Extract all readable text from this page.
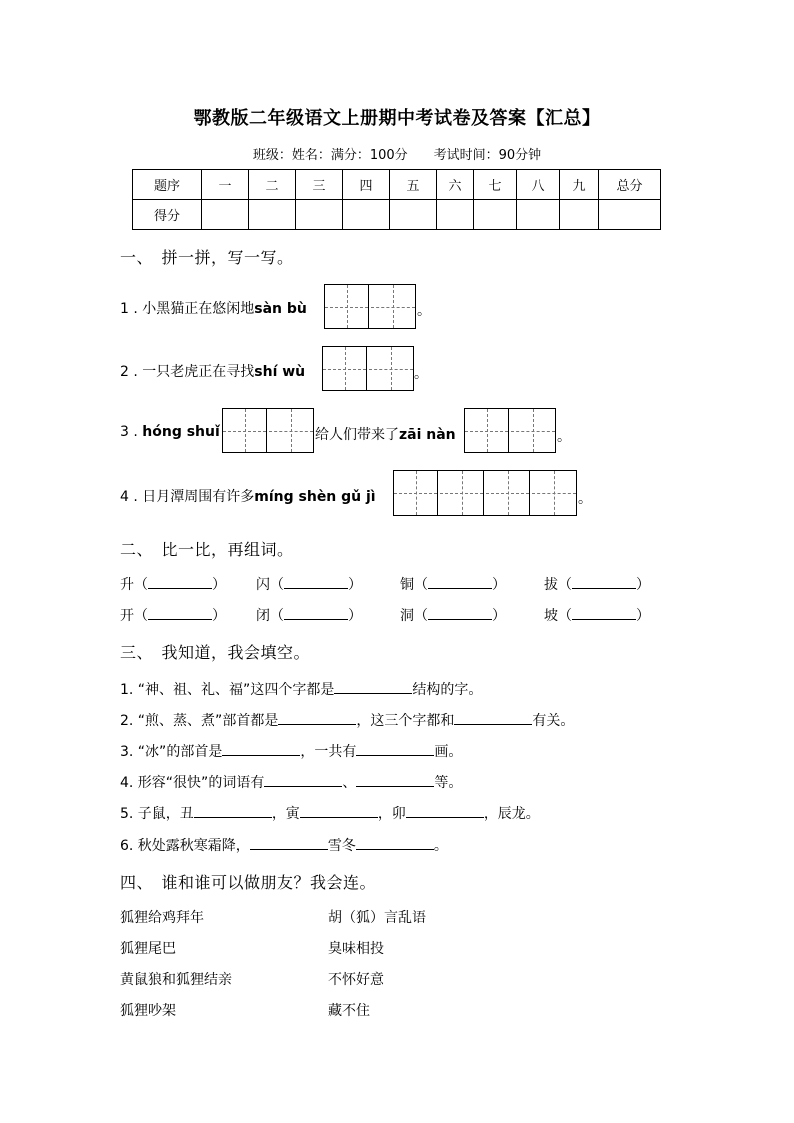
鄂教版二年级语文上册期中考试卷及答案【汇总】
班级：姓名：满分：100分　　考试时间：90分钟
题序	一	二	三	四	五	六	七	八	九	总分
得分										
一、　拼一拼，写一写。
1 . 小黑猫正在悠闲地sàn bù	。
2 . 一只老虎正在寻找shí wù	。
3 . hóng shuǐ	给人们带来了zāi nàn	。
4 . 日月潭周围有许多míng shèn gǔ jì	。
二、　比一比，再组词。
升（	） 闪（	）	铜（	）	拔（	）
开（	） 闭（	）	洞（	）	坡（	）
三、　我知道，我会填空。
1. “神、祖、礼、福”这四个字都是	结构的字。
2. “煎、蒸、煮”部首都是	，这三个字都和	有关。
3. “冰”的部首是	，一共有	画。
4. 形容“很快”的词语有	、	等。
5. 子鼠，丑	，寅	，卯	，辰龙。
6. 秋处露秋寒霜降，	雪冬	。
四、　谁和谁可以做朋友？我会连。
狐狸给鸡拜年
狐狸尾巴
黄鼠狼和狐狸结亲
狐狸吵架
胡（狐）言乱语
臭味相投
不怀好意
藏不住
